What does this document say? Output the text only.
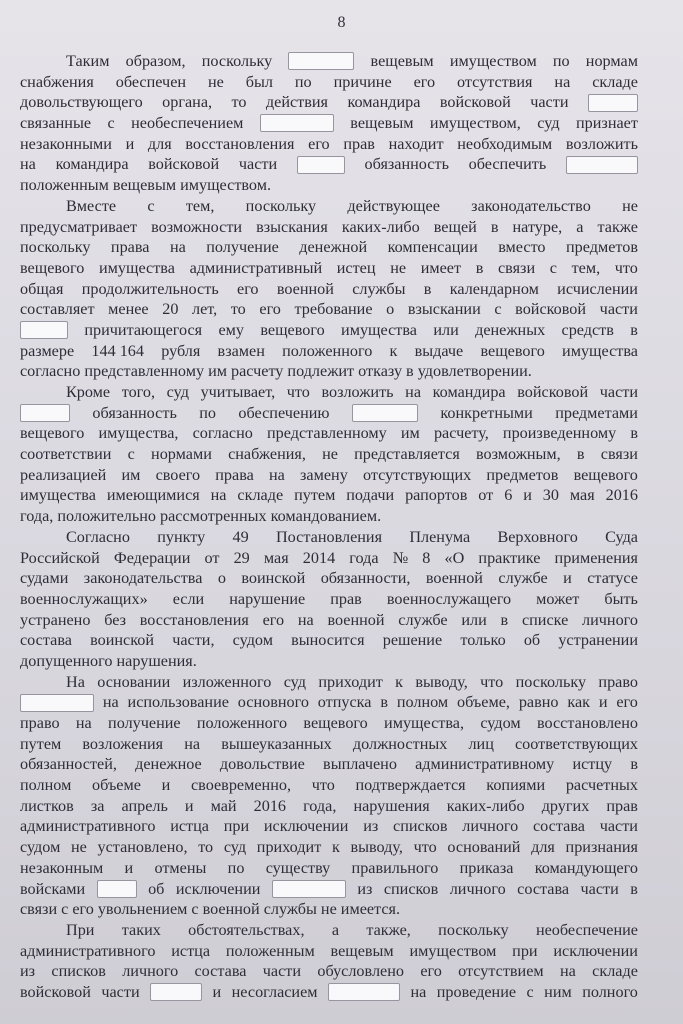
8
Таким образом, поскольку	вещевым имуществом по нормам
снабжения обеспечен не был по причине его отсутствия на складе
довольствующего органа, то действия командира войсковой части
связанные с необеспечением	вещевым имуществом, суд признает
незаконными и для восстановления его прав находит необходимым возложить
на командира войсковой части	обязанность обеспечить
положенным вещевым имуществом.
Вместе с тем, поскольку действующее законодательство не
предусматривает возможности взыскания каких-либо вещей в натуре, а также
поскольку права на получение денежной компенсации вместо предметов
вещевого имущества административный истец не имеет в связи с тем, что
общая продолжительность его военной службы в календарном исчислении
составляет менее 20 лет, то его требование о взыскании с войсковой части
причитающегося ему вещевого имущества или денежных средств в
размере 144 164 рубля взамен положенного к выдаче вещевого имущества
согласно представленному им расчету подлежит отказу в удовлетворении.
Кроме того, суд учитывает, что возложить на командира войсковой части
обязанность по обеспечению	конкретными предметами
вещевого имущества, согласно представленному им расчету, произведенному в
соответствии с нормами снабжения, не представляется возможным, в связи
реализацией им своего права на замену отсутствующих предметов вещевого
имущества имеющимися на складе путем подачи рапортов от 6 и 30 мая 2016
года, положительно рассмотренных командованием.
Согласно пункту 49 Постановления Пленума Верховного Суда
Российской Федерации от 29 мая 2014 года № 8 «О практике применения
судами законодательства о воинской обязанности, военной службе и статусе
военнослужащих» если нарушение прав военнослужащего может быть
устранено без восстановления его на военной службе или в списке личного
состава воинской части, судом выносится решение только об устранении
допущенного нарушения.
На основании изложенного суд приходит к выводу, что поскольку право
на использование основного отпуска в полном объеме, равно как и его
право на получение положенного вещевого имущества, судом восстановлено
путем возложения на вышеуказанных должностных лиц соответствующих
обязанностей, денежное довольствие выплачено административному истцу в
полном объеме и своевременно, что подтверждается копиями расчетных
листков за апрель и май 2016 года, нарушения каких-либо других прав
административного истца при исключении из списков личного состава части
судом не установлено, то суд приходит к выводу, что оснований для признания
незаконным и отмены по существу правильного приказа командующего
войсками	об исключении	из списков личного состава части в
связи с его увольнением с военной службы не имеется.
При таких обстоятельствах, а также, поскольку необеспечение
административного истца положенным вещевым имуществом при исключении
из списков личного состава части обусловлено его отсутствием на складе
войсковой части	и несогласием	на проведение с ним полного
